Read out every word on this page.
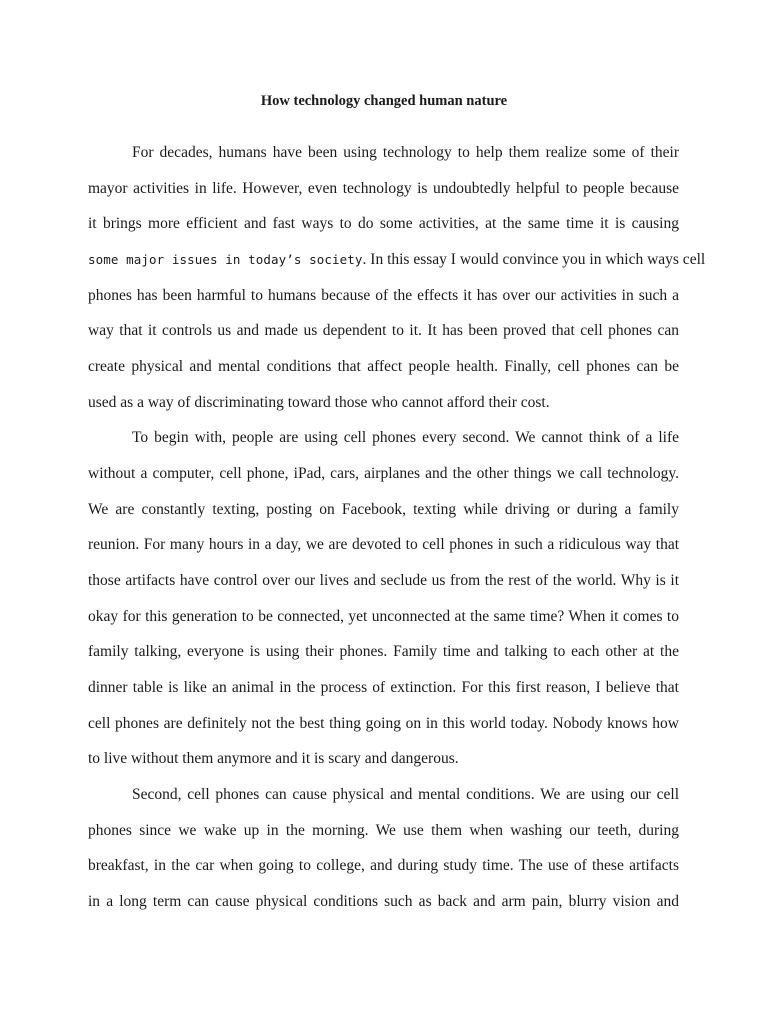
How technology changed human nature
For decades, humans have been using technology to help them realize some of their
mayor activities in life. However, even technology is undoubtedly helpful to people because
it brings more efficient and fast ways to do some activities, at the same time it is causing
some major issues in today’s society. In this essay I would convince you in which ways cell
phones has been harmful to humans because of the effects it has over our activities in such a
way that it controls us and made us dependent to it. It has been proved that cell phones can
create physical and mental conditions that affect people health. Finally, cell phones can be
used as a way of discriminating toward those who cannot afford their cost.
To begin with, people are using cell phones every second. We cannot think of a life
without a computer, cell phone, iPad, cars, airplanes and the other things we call technology.
We are constantly texting, posting on Facebook, texting while driving or during a family
reunion. For many hours in a day, we are devoted to cell phones in such a ridiculous way that
those artifacts have control over our lives and seclude us from the rest of the world. Why is it
okay for this generation to be connected, yet unconnected at the same time? When it comes to
family talking, everyone is using their phones. Family time and talking to each other at the
dinner table is like an animal in the process of extinction. For this first reason, I believe that
cell phones are definitely not the best thing going on in this world today. Nobody knows how
to live without them anymore and it is scary and dangerous.
Second, cell phones can cause physical and mental conditions. We are using our cell
phones since we wake up in the morning. We use them when washing our teeth, during
breakfast, in the car when going to college, and during study time. The use of these artifacts
in a long term can cause physical conditions such as back and arm pain, blurry vision and
